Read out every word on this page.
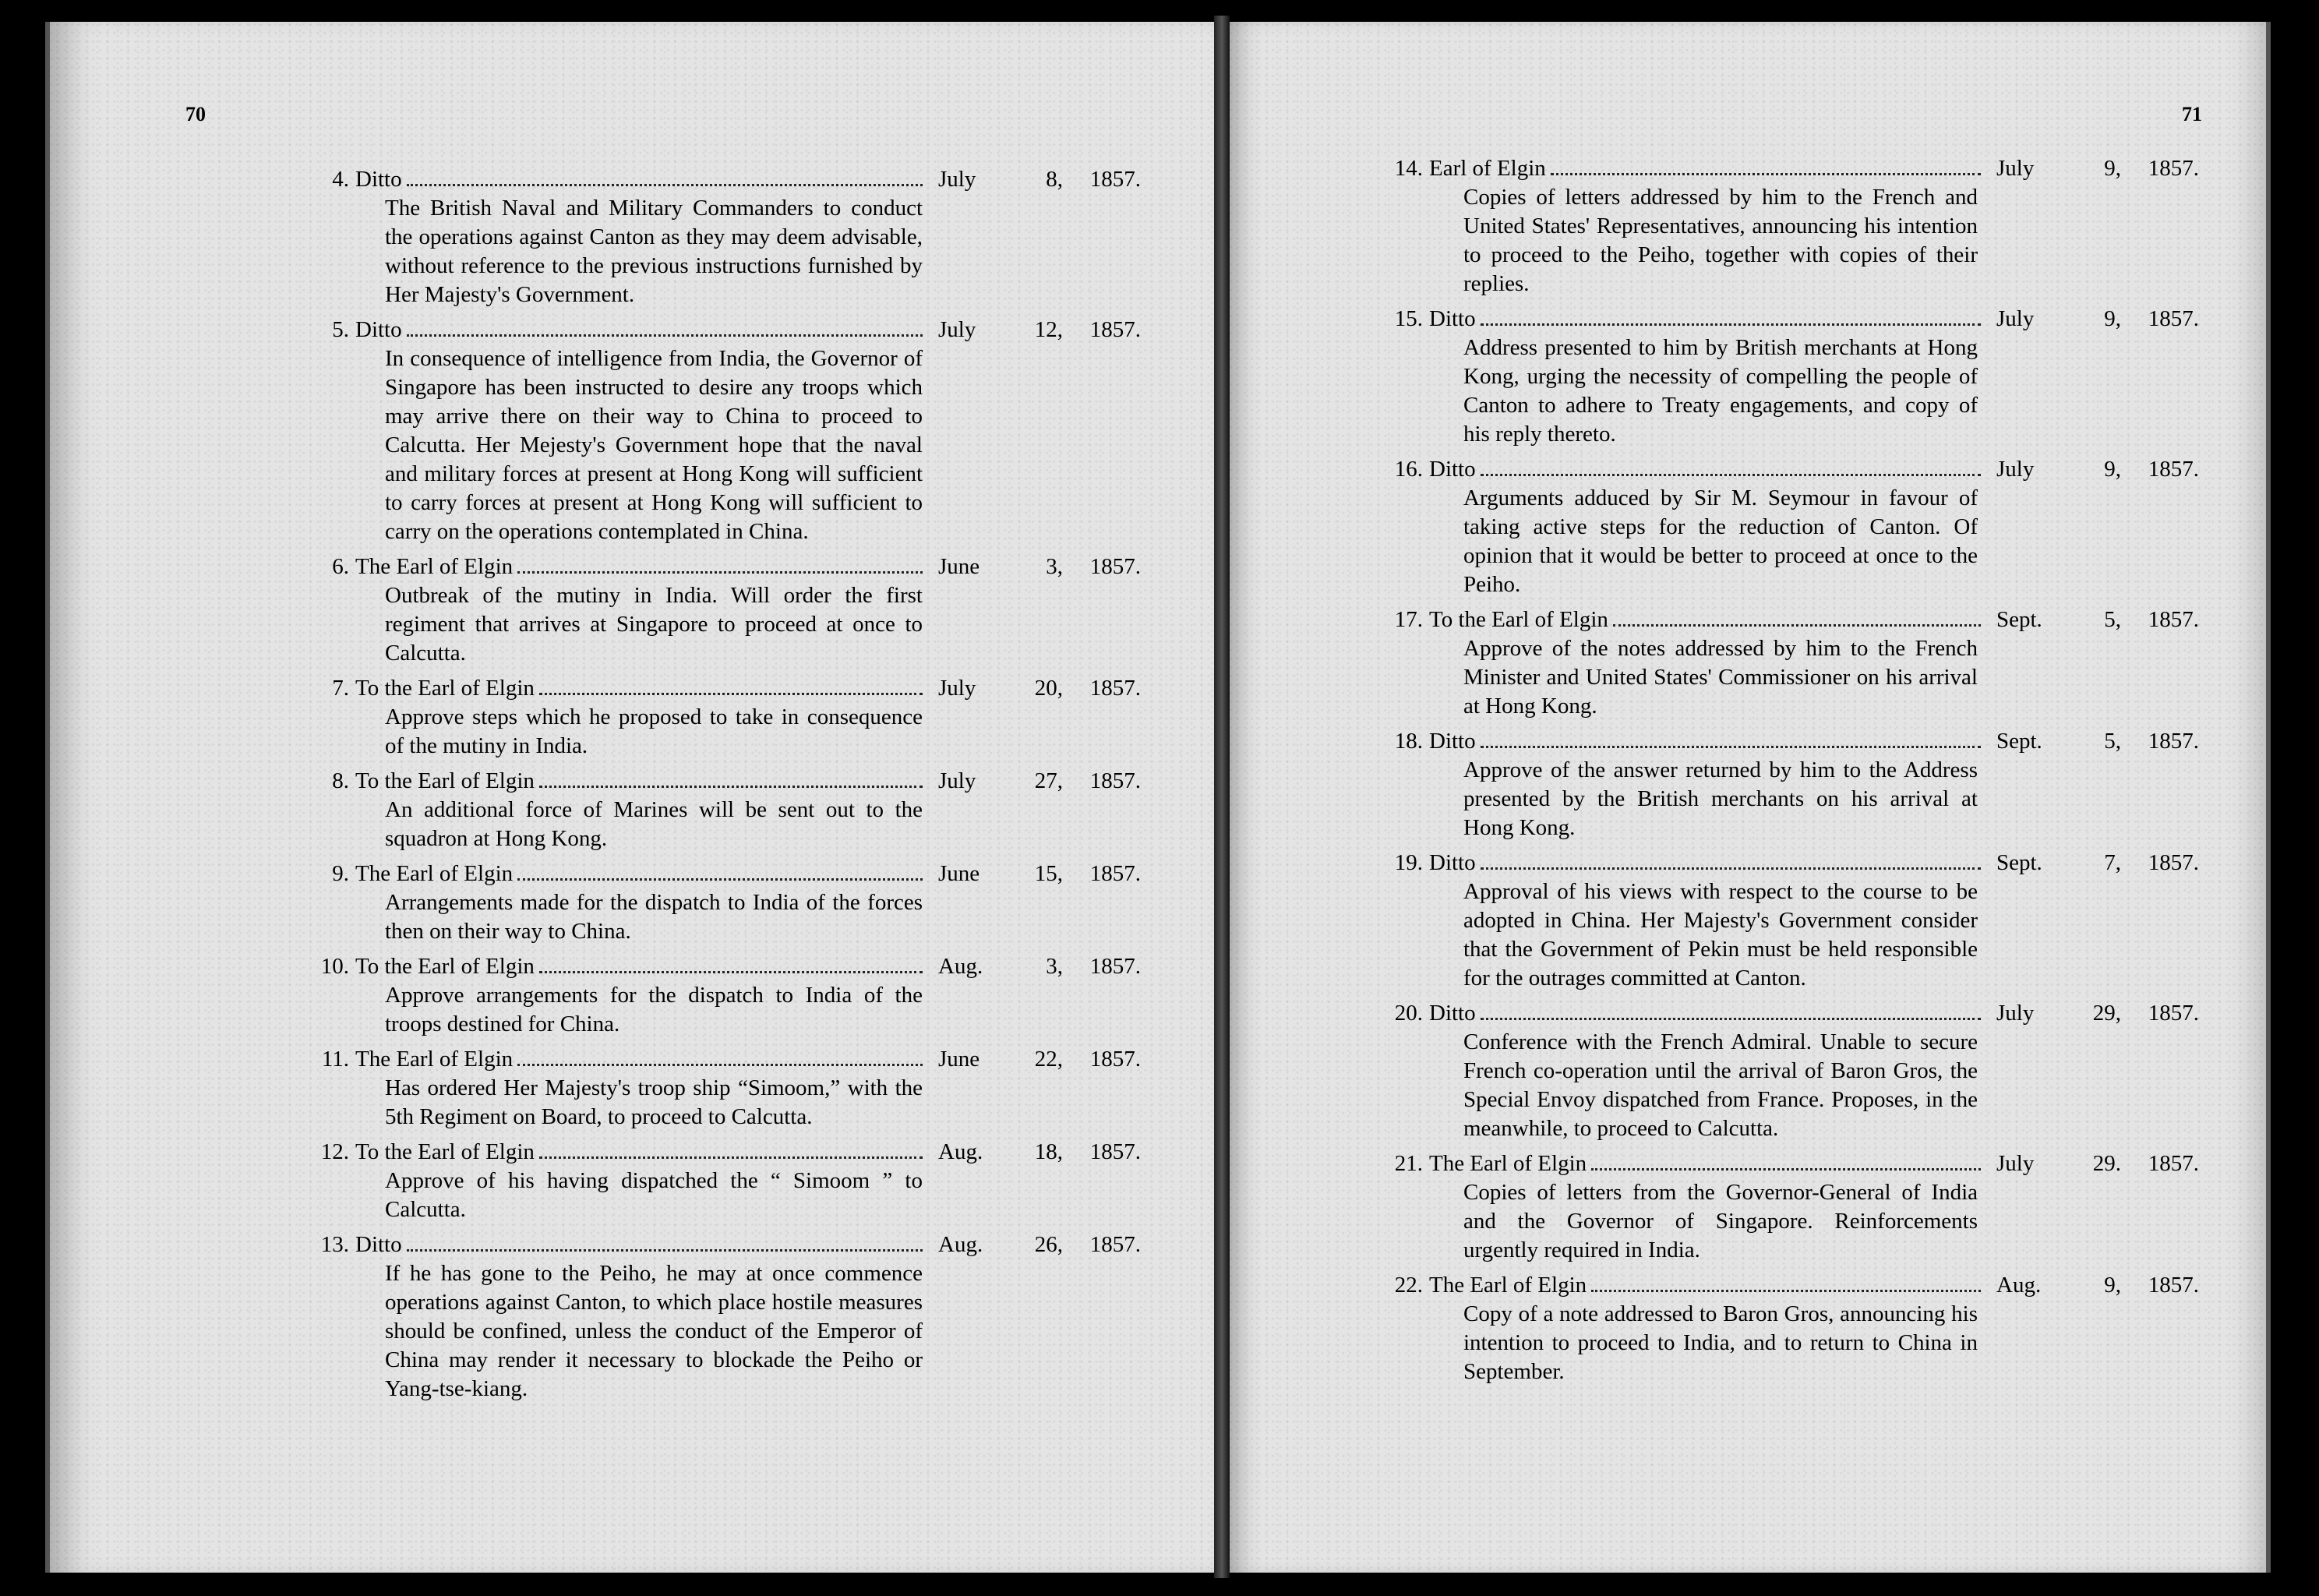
70	71
4. Ditto	July	8,	1857.
The British Naval and Military Commanders to conduct the operations against Canton as they may deem advisable, without reference to the previous instructions furnished by Her Majesty's Government.
5. Ditto	July	12,	1857.
In consequence of intelligence from India, the Governor of Singapore has been instructed to desire any troops which may arrive there on their way to China to proceed to Calcutta. Her Mejesty's Government hope that the naval and military forces at present at Hong Kong will sufficient to carry forces at present at Hong Kong will sufficient to carry on the operations contemplated in China.
6. The Earl of Elgin	June	3,	1857.
Outbreak of the mutiny in India. Will order the first regiment that arrives at Singapore to proceed at once to Calcutta.
7. To the Earl of Elgin	July	20,	1857.
Approve steps which he proposed to take in consequence of the mutiny in India.
8. To the Earl of Elgin	July	27,	1857.
An additional force of Marines will be sent out to the squadron at Hong Kong.
9. The Earl of Elgin	June	15,	1857.
Arrangements made for the dispatch to India of the forces then on their way to China.
10. To the Earl of Elgin	Aug.	3,	1857.
Approve arrangements for the dispatch to India of the troops destined for China.
11. The Earl of Elgin	June	22,	1857.
Has ordered Her Majesty's troop ship “Simoom,” with the 5th Regiment on Board, to proceed to Calcutta.
12. To the Earl of Elgin	Aug.	18,	1857.
Approve of his having dispatched the “ Simoom ” to Calcutta.
13. Ditto	Aug.	26,	1857.
If he has gone to the Peiho, he may at once commence operations against Canton, to which place hostile measures should be confined, unless the conduct of the Emperor of China may render it necessary to blockade the Peiho or Yang-tse-kiang.
14. Earl of Elgin	July	9,	1857.
Copies of letters addressed by him to the French and United States' Representatives, announcing his intention to proceed to the Peiho, together with copies of their replies.
15. Ditto	July	9,	1857.
Address presented to him by British merchants at Hong Kong, urging the necessity of compelling the people of Canton to adhere to Treaty engagements, and copy of his reply thereto.
16. Ditto	July	9,	1857.
Arguments adduced by Sir M. Seymour in favour of taking active steps for the reduction of Canton. Of opinion that it would be better to proceed at once to the Peiho.
17. To the Earl of Elgin	Sept.	5,	1857.
Approve of the notes addressed by him to the French Minister and United States' Commissioner on his arrival at Hong Kong.
18. Ditto	Sept.	5,	1857.
Approve of the answer returned by him to the Address presented by the British merchants on his arrival at Hong Kong.
19. Ditto	Sept.	7,	1857.
Approval of his views with respect to the course to be adopted in China. Her Majesty's Government consider that the Government of Pekin must be held responsible for the outrages committed at Canton.
20. Ditto	July	29,	1857.
Conference with the French Admiral. Unable to secure French co-operation until the arrival of Baron Gros, the Special Envoy dispatched from France. Proposes, in the meanwhile, to proceed to Calcutta.
21. The Earl of Elgin	July	29.	1857.
Copies of letters from the Governor-General of India and the Governor of Singapore. Reinforcements urgently required in India.
22. The Earl of Elgin	Aug.	9,	1857.
Copy of a note addressed to Baron Gros, announcing his intention to proceed to India, and to return to China in September.
